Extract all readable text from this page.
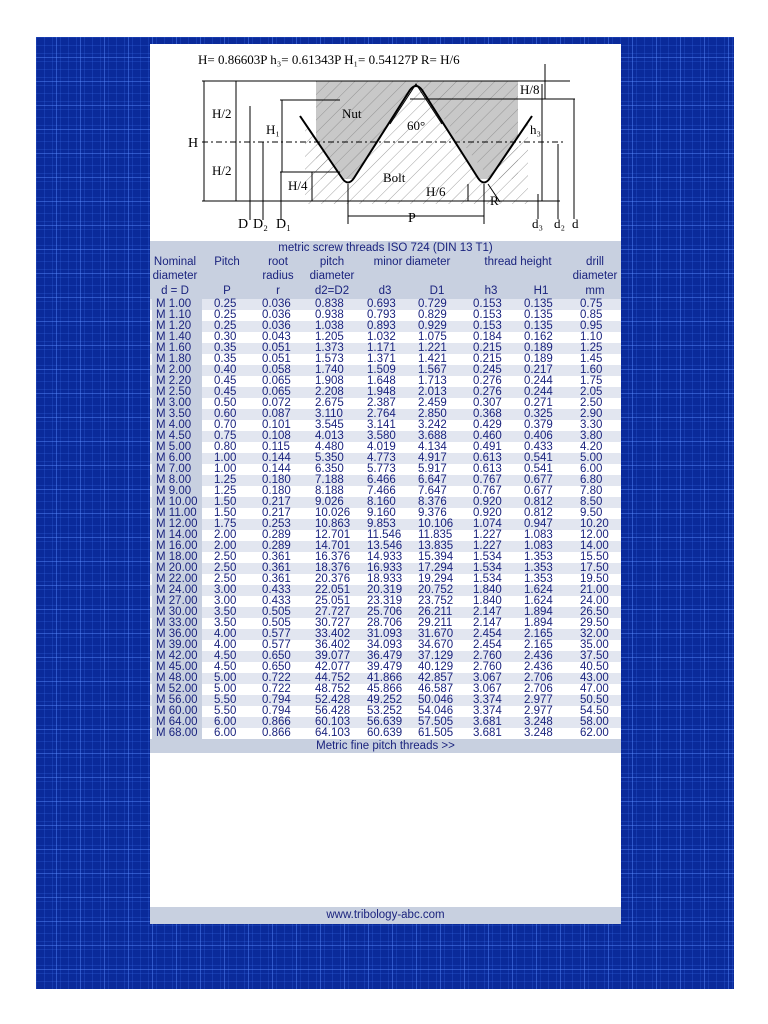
H= 0.86603P h₃= 0.61343P H₁= 0.54127P R= H/6
H
H/2
H/2
H₁
H/4
Nut
60°
Bolt
H/8
h₃
H/6
R
P
D D₂ D₁	d₃ d₂ d
metric screw threads ISO 724 (DIN 13 T1)
Nominal
diameter
Pitch	root
radius
pitch
diameter
minor diameter	thread height	drill
diameter
d = D	P	r	d2=D2	d3	D1	h3	H1	mm
M 1.00	0.25 0.036 0.838 0.693 0.729 0.153 0.135 0.75
M 1.10	0.25 0.036 0.938 0.793 0.829 0.153 0.135 0.85
M 1.20	0.25 0.036 1.038 0.893 0.929 0.153 0.135 0.95
M 1.40	0.30 0.043 1.205 1.032 1.075 0.184 0.162 1.10
M 1.60	0.35 0.051 1.373 1.171 1.221 0.215 0.189 1.25
M 1.80	0.35 0.051 1.573 1.371 1.421 0.215 0.189 1.45
M 2.00	0.40 0.058 1.740 1.509 1.567 0.245 0.217 1.60
M 2.20	0.45 0.065 1.908 1.648 1.713 0.276 0.244 1.75
M 2.50	0.45 0.065 2.208 1.948 2.013 0.276 0.244 2.05
M 3.00	0.50 0.072 2.675 2.387 2.459 0.307 0.271 2.50
M 3.50	0.60 0.087 3.110 2.764 2.850 0.368 0.325 2.90
M 4.00	0.70 0.101 3.545 3.141 3.242 0.429 0.379 3.30
M 4.50	0.75 0.108 4.013 3.580 3.688 0.460 0.406 3.80
M 5.00	0.80 0.115 4.480 4.019 4.134 0.491 0.433 4.20
M 6.00	1.00 0.144 5.350 4.773 4.917 0.613 0.541 5.00
M 7.00	1.00 0.144 6.350 5.773 5.917 0.613 0.541 6.00
M 8.00	1.25 0.180 7.188 6.466 6.647 0.767 0.677 6.80
M 9.00	1.25 0.180 8.188 7.466 7.647 0.767 0.677 7.80
M 10.00	1.50 0.217 9.026 8.160 8.376 0.920 0.812 8.50
M 11.00	1.50 0.217 10.026 9.160 9.376 0.920 0.812 9.50
M 12.00	1.75 0.253 10.863 9.853 10.106 1.074 0.947 10.20
M 14.00	2.00 0.289 12.701 11.546 11.835 1.227 1.083 12.00
M 16.00	2.00 0.289 14.701 13.546 13.835 1.227 1.083 14.00
M 18.00	2.50 0.361 16.376 14.933 15.394 1.534 1.353 15.50
M 20.00	2.50 0.361 18.376 16.933 17.294 1.534 1.353 17.50
M 22.00	2.50 0.361 20.376 18.933 19.294 1.534 1.353 19.50
M 24.00	3.00 0.433 22.051 20.319 20.752 1.840 1.624 21.00
M 27.00	3.00 0.433 25.051 23.319 23.752 1.840 1.624 24.00
M 30.00	3.50 0.505 27.727 25.706 26.211 2.147 1.894 26.50
M 33.00	3.50 0.505 30.727 28.706 29.211 2.147 1.894 29.50
M 36.00	4.00 0.577 33.402 31.093 31.670 2.454 2.165 32.00
M 39.00	4.00 0.577 36.402 34.093 34.670 2.454 2.165 35.00
M 42.00	4.50 0.650 39.077 36.479 37.129 2.760 2.436 37.50
M 45.00	4.50 0.650 42.077 39.479 40.129 2.760 2.436 40.50
M 48.00	5.00 0.722 44.752 41.866 42.857 3.067 2.706 43.00
M 52.00	5.00 0.722 48.752 45.866 46.587 3.067 2.706 47.00
M 56.00	5.50 0.794 52.428 49.252 50.046 3.374 2.977 50.50
M 60.00	5.50 0.794 56.428 53.252 54.046 3.374 2.977 54.50
M 64.00	6.00 0.866 60.103 56.639 57.505 3.681 3.248 58.00
M 68.00	6.00 0.866 64.103 60.639 61.505 3.681 3.248 62.00
Metric fine pitch threads >>
www.tribology-abc.com
